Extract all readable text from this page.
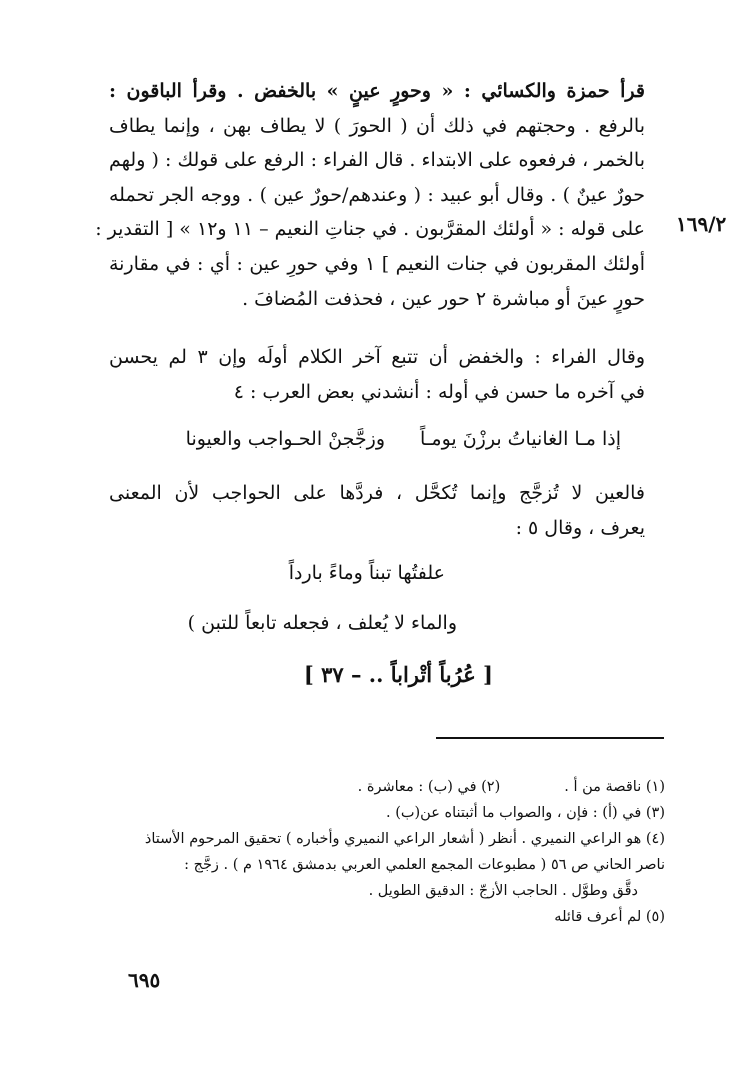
١٦٩/٢
قرأ حمزة والكسائي : « وحورٍ عينٍ » بالخفض . وقرأ الباقون :
بالرفع . وحجتهم في ذلك أن ( الحورَ ) لا يطاف بهن ، وإنما يطاف
بالخمر ، فرفعوه على الابتداء . قال الفراء : الرفع على قولك : ( ولهم
حورٌ عينٌ ) . وقال أبو عبيد : ( وعندهم/حورٌ عين ) . ووجه الجر تحمله
على قوله : « أولئك المقرَّبون . في جناتِ النعيم – ١١ و١٢ » [ التقدير :
أولئك المقربون في جنات النعيم ] ١ وفي حورِ عين : أي : في مقارنة
حورٍ عينَ أو مباشرة ٢ حور عين ، فحذفت المُضافَ .
وقال الفراء : والخفض أن تتبع آخر الكلام أولَه وإن ٣ لم يحسن
في آخره ما حسن في أوله : أنشدني بعض العرب : ٤
إذا مـا الغانياتُ برزْنَ يومـاً
وزجَّجنْ الحـواجب والعيونا
فالعين لا تُزجَّج وإنما تُكحَّل ، فردَّها على الحواجب لأن المعنى
يعرف ، وقال ٥ :
علفتُها تبناً وماءً بارداً
والماء لا يُعلف ، فجعله تابعاً للتبن )
[ عُرُباً أتْراباً .. – ٣٧ ]
(١) ناقصة من أ .(٢) في (ب) : معاشرة .
(٣) في (أ) : فإن ، والصواب ما أثبتناه عن(ب) .
(٤) هو الراعي النميري . أنظر ( أشعار الراعي النميري وأخباره ) تحقيق المرحوم الأستاذ
ناصر الحاني ص ٥٦ ( مطبوعات المجمع العلمي العربي بدمشق ١٩٦٤ م ) . زجَّج :
دقَّق وطوَّل . الحاجب الأزجّ : الدقيق الطويل .
(٥) لم أعرف قائله
٦٩٥
